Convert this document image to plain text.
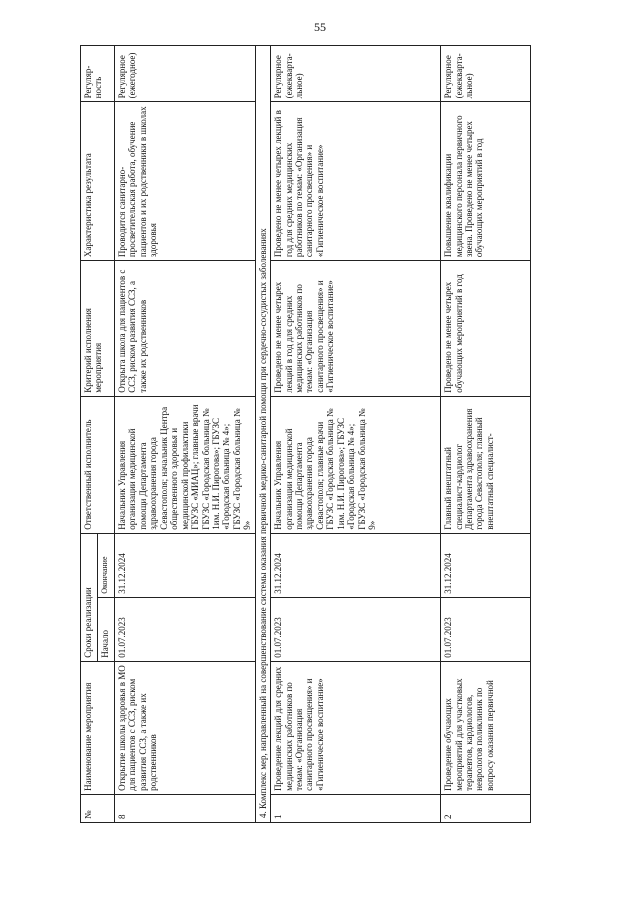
55
№	Наименование мероприятия	Сроки реализации		Ответственный исполнитель	Критерий исполнения мероприятия	Характеристика результата	Регуляр-ность
		Начало	Окончание				
8	Открытие школы здоровья в МО для пациентов с ССЗ, риском развития ССЗ, а также их родственников	01.07.2023	31.12.2024	Начальник Управления организации медицинской помощи Департамента здравоохранения города Севастополя; начальник Центра общественного здоровья и медицинской профилактики ГБУЗС «МИАЦ»; главные врачи ГБУЗС «Городская больница № 1им. Н.И. Пирогова»; ГБУЗС «Городская больница № 4»; ГБУЗС «Городская больница № 9»	Открыта школа для пациентов с ССЗ, риском развития ССЗ, а также их родственников	Проводится санитарно-просветительская работа, обучение пациентов и их родственники в школах здоровья	Регулярное (ежегодное)
4. Комплекс мер, направленный на совершенствование системы оказания первичной медико-санитарной помощи при сердечно-сосудистых заболеваниях							
1	Проведение лекций для средних медицинских работников по темам: «Организация санитарного просвещения» и «Гигиеническое воспитание»	01.07.2023	31.12.2024	Начальник Управления организации медицинской помощи Департамента здравоохранения города Севастополя; главные врачи ГБУЗС «Городская больница № 1им. Н.И. Пирогова»; ГБУЗС «Городская больница № 4»; ГБУЗС «Городская больница № 9»	Проведено не менее четырех лекций в год для средних медицинских работников по темам: «Организация санитарного просвещения» и «Гигиеническое воспитание»	Проведено не менее четырех лекций в год для средних медицинских работников по темам: «Организация санитарного просвещения» и «Гигиеническое воспитание»	Регулярное (ежекварта-льное)
2	Проведение обучающих мероприятий для участковых терапевтов, кардиологов, неврологов поликлиник по вопросу оказания первичной	01.07.2023	31.12.2024	Главный внештатный специалист-кардиолог Департамента здравоохранения города Севастополя; главный внештатный специалист-	Проведено не менее четырех обучающих мероприятий в год	Повышение квалификации медицинского персонала первичного звена. Проведено не менее четырех обучающих мероприятий в год	Регулярное (ежекварта-льное)
